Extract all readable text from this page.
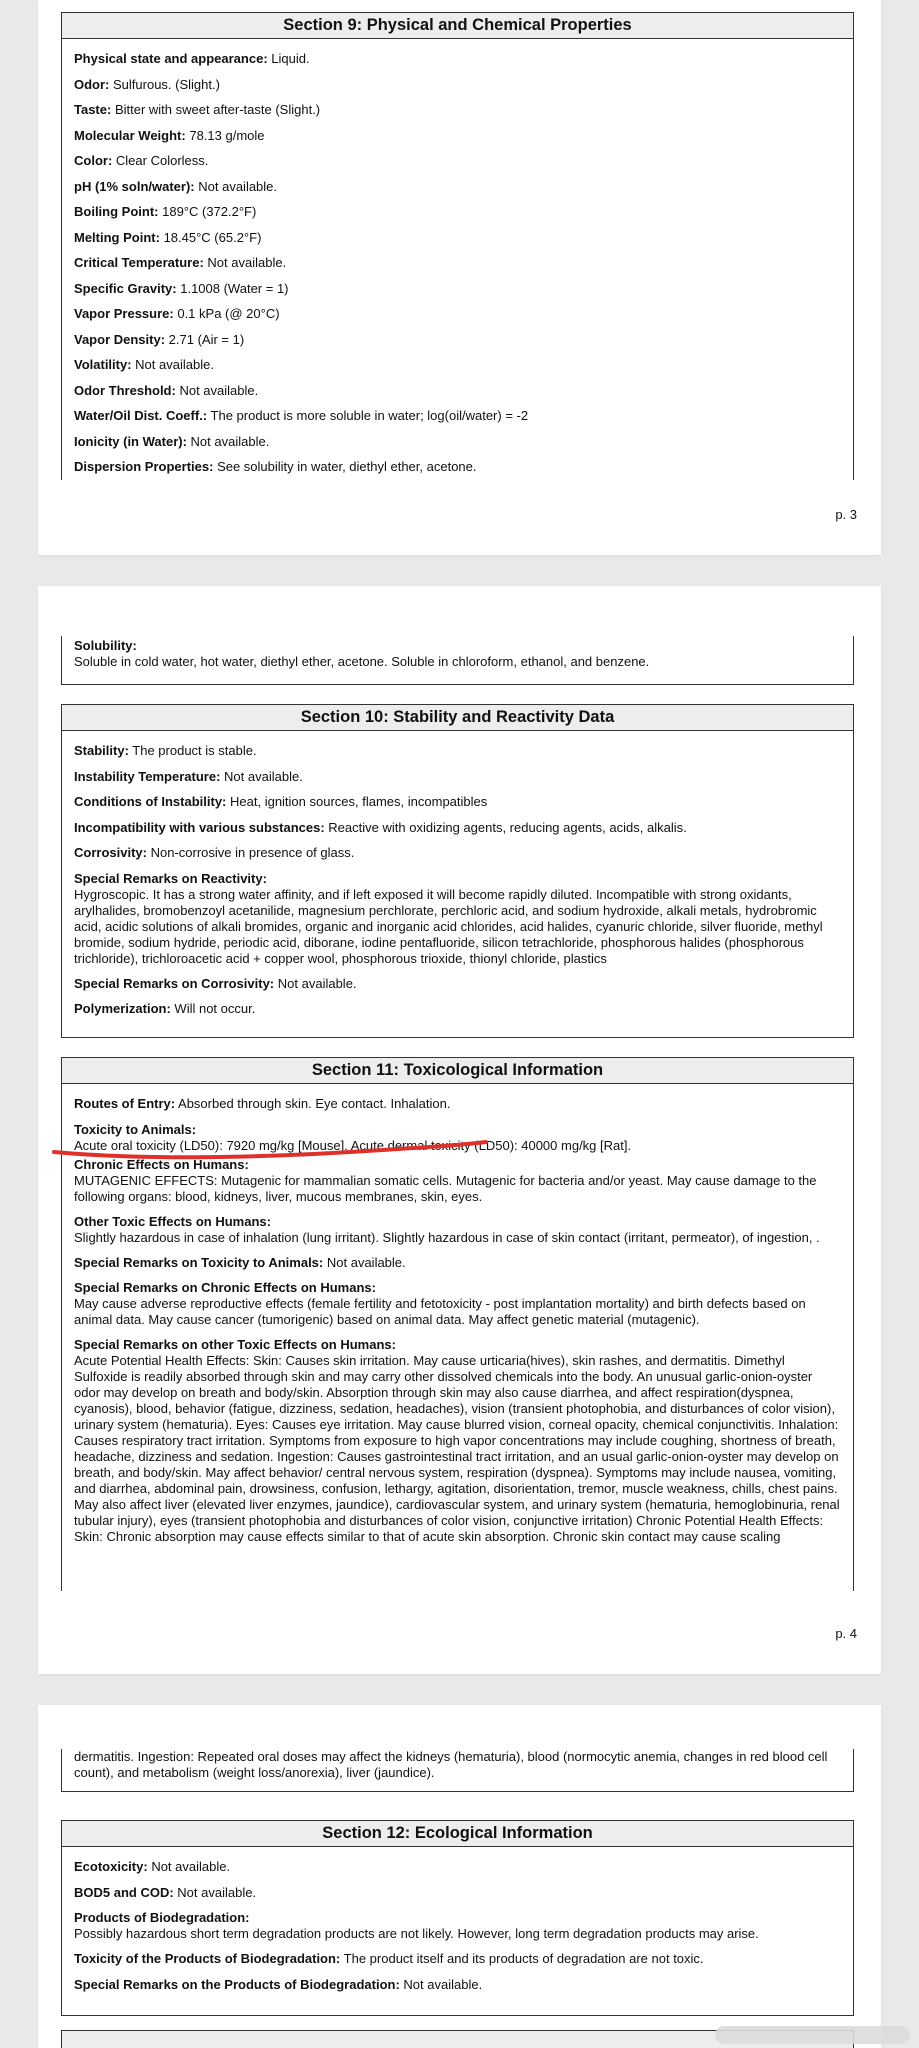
Section 9: Physical and Chemical Properties
Physical state and appearance: Liquid.
Odor: Sulfurous. (Slight.)
Taste: Bitter with sweet after-taste (Slight.)
Molecular Weight: 78.13 g/mole
Color: Clear Colorless.
pH (1% soln/water): Not available.
Boiling Point: 189°C (372.2°F)
Melting Point: 18.45°C (65.2°F)
Critical Temperature: Not available.
Specific Gravity: 1.1008 (Water = 1)
Vapor Pressure: 0.1 kPa (@ 20°C)
Vapor Density: 2.71 (Air = 1)
Volatility: Not available.
Odor Threshold: Not available.
Water/Oil Dist. Coeff.: The product is more soluble in water; log(oil/water) = -2
Ionicity (in Water): Not available.
Dispersion Properties: See solubility in water, diethyl ether, acetone.
p. 3
Solubility:
Soluble in cold water, hot water, diethyl ether, acetone. Soluble in chloroform, ethanol, and benzene.
Section 10: Stability and Reactivity Data
Stability: The product is stable.
Instability Temperature: Not available.
Conditions of Instability: Heat, ignition sources, flames, incompatibles
Incompatibility with various substances: Reactive with oxidizing agents, reducing agents, acids, alkalis.
Corrosivity: Non-corrosive in presence of glass.
Special Remarks on Reactivity:
Hygroscopic. It has a strong water affinity, and if left exposed it will become rapidly diluted. Incompatible with strong oxidants, arylhalides, bromobenzoyl acetanilide, magnesium perchlorate, perchloric acid, and sodium hydroxide, alkali metals, hydrobromic acid, acidic solutions of alkali bromides, organic and inorganic acid chlorides, acid halides, cyanuric chloride, silver fluoride, methyl bromide, sodium hydride, periodic acid, diborane, iodine pentafluoride, silicon tetrachloride, phosphorous halides (phosphorous trichloride), trichloroacetic acid + copper wool, phosphorous trioxide, thionyl chloride, plastics
Special Remarks on Corrosivity: Not available.
Polymerization: Will not occur.
Section 11: Toxicological Information
Routes of Entry: Absorbed through skin. Eye contact. Inhalation.
Toxicity to Animals:
Acute oral toxicity (LD50): 7920 mg/kg [Mouse]. Acute dermal toxicity (LD50): 40000 mg/kg [Rat].
Chronic Effects on Humans:
MUTAGENIC EFFECTS: Mutagenic for mammalian somatic cells. Mutagenic for bacteria and/or yeast. May cause damage to the following organs: blood, kidneys, liver, mucous membranes, skin, eyes.
Other Toxic Effects on Humans:
Slightly hazardous in case of inhalation (lung irritant). Slightly hazardous in case of skin contact (irritant, permeator), of ingestion, .
Special Remarks on Toxicity to Animals: Not available.
Special Remarks on Chronic Effects on Humans:
May cause adverse reproductive effects (female fertility and fetotoxicity - post implantation mortality) and birth defects based on animal data. May cause cancer (tumorigenic) based on animal data. May affect genetic material (mutagenic).
Special Remarks on other Toxic Effects on Humans:
Acute Potential Health Effects: Skin: Causes skin irritation. May cause urticaria(hives), skin rashes, and dermatitis. Dimethyl Sulfoxide is readily absorbed through skin and may carry other dissolved chemicals into the body. An unusual garlic-onion-oyster odor may develop on breath and body/skin. Absorption through skin may also cause diarrhea, and affect respiration(dyspnea, cyanosis), blood, behavior (fatigue, dizziness, sedation, headaches), vision (transient photophobia, and disturbances of color vision), urinary system (hematuria). Eyes: Causes eye irritation. May cause blurred vision, corneal opacity, chemical conjunctivitis. Inhalation: Causes respiratory tract irritation. Symptoms from exposure to high vapor concentrations may include coughing, shortness of breath, headache, dizziness and sedation. Ingestion: Causes gastrointestinal tract irritation, and an usual garlic-onion-oyster may develop on breath, and body/skin. May affect behavior/ central nervous system, respiration (dyspnea). Symptoms may include nausea, vomiting, and diarrhea, abdominal pain, drowsiness, confusion, lethargy, agitation, disorientation, tremor, muscle weakness, chills, chest pains. May also affect liver (elevated liver enzymes, jaundice), cardiovascular system, and urinary system (hematuria, hemoglobinuria, renal tubular injury), eyes (transient photophobia and disturbances of color vision, conjunctive irritation) Chronic Potential Health Effects: Skin: Chronic absorption may cause effects similar to that of acute skin absorption. Chronic skin contact may cause scaling
p. 4
dermatitis. Ingestion: Repeated oral doses may affect the kidneys (hematuria), blood (normocytic anemia, changes in red blood cell count), and metabolism (weight loss/anorexia), liver (jaundice).
Section 12: Ecological Information
Ecotoxicity: Not available.
BOD5 and COD: Not available.
Products of Biodegradation:
Possibly hazardous short term degradation products are not likely. However, long term degradation products may arise.
Toxicity of the Products of Biodegradation: The product itself and its products of degradation are not toxic.
Special Remarks on the Products of Biodegradation: Not available.
